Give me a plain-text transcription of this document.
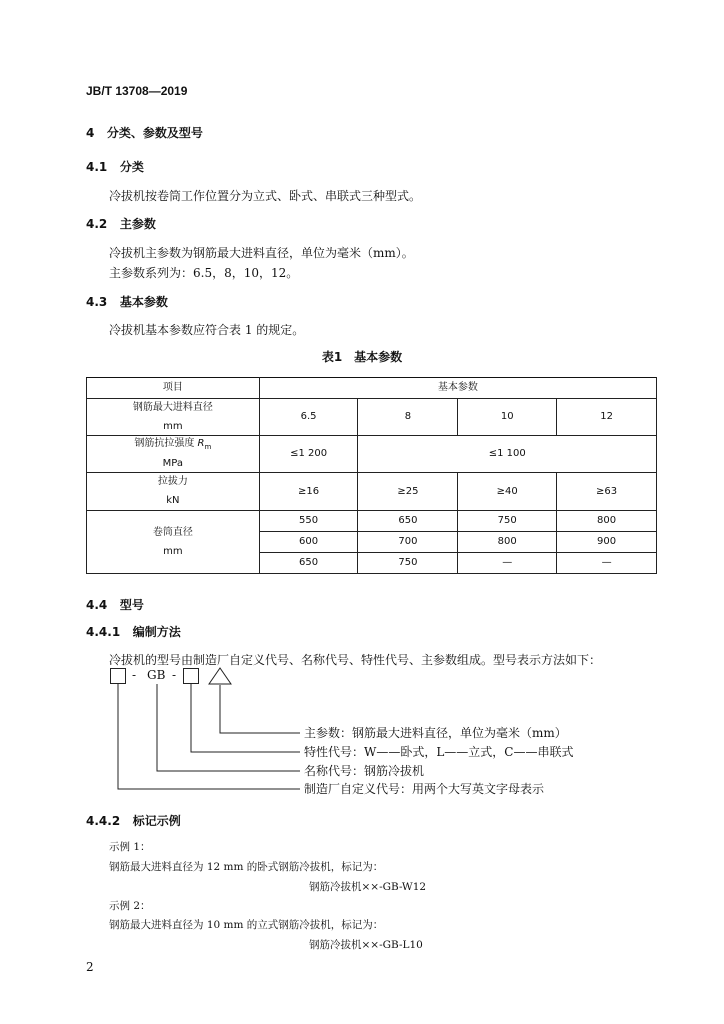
JB/T 13708—2019
4 分类、参数及型号
4.1 分类
冷拔机按卷筒工作位置分为立式、卧式、串联式三种型式。
4.2 主参数
冷拔机主参数为钢筋最大进料直径，单位为毫米（mm）。
主参数系列为：6.5，8，10，12。
4.3 基本参数
冷拔机基本参数应符合表 1 的规定。
表1　基本参数
项目	基本参数			

钢筋最大进料直径
mm	6.5	8	10	12

钢筋抗拉强度 $R_m$
MPa	≤1 200	≤1 100		

拉拔力
kN	≥16	≥25	≥40	≥63

卷筒直径
mm	550	650	750	800
	600	700	800	900
	650	750	—	—
4.4 型号
4.4.1 编制方法
冷拔机的型号由制造厂自定义代号、名称代号、特性代号、主参数组成。型号表示方法如下：
- GB -
主参数：钢筋最大进料直径，单位为毫米（mm）
特性代号：W——卧式，L——立式，C——串联式
名称代号：钢筋冷拔机
制造厂自定义代号：用两个大写英文字母表示
4.4.2 标记示例
示例 1：
钢筋最大进料直径为 12 mm 的卧式钢筋冷拔机，标记为：
钢筋冷拔机××-GB-W12
示例 2：
钢筋最大进料直径为 10 mm 的立式钢筋冷拔机，标记为：
钢筋冷拔机××-GB-L10
2
